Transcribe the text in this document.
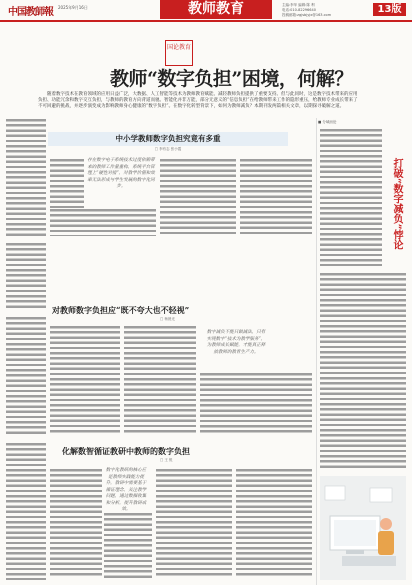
中国教師報 2025年9月16日	教师教育	主编:李苹 编辑:陈 利
电话:010-82296640
投稿邮箱:zgjsbjyjx@163.com	13版
国论教育
教师“数字负担”困境，何解？
随着数字技术在教育领域的应用日益广泛，大数据、人工智能等技术为教师教育赋能、减轻教师负担提供了重要支持。但与此同时，这是数字技术带来的应用负担、功能冗余和数字交互负担，与教师的教育方向背道而驰。智能化并非万能，部分无意义的“信息负担”在给教师带来工作的隐形重压，给教师专业成长带来了不可回避的挑战，并逐步演变成为影响教师身心健康的“数字负担”。在数字化转型背景下，如何为教师减负？本期刊发两篇相关文章，以期探寻破解之道。

中小学教师数字负担究竟有多重
□ 李有志 张小霞
存在数字电子系统技术过度依赖带来的教师工作量重构，系统平台管理上“硬性对接”，对教学价值和效率无法形成与学生发展的数字化同步。

对教师数字负担应“既不夸大也不轻视”
□ 杨晨光

数字减负不能只做减法，只有实现数字“技术为教学服务”，为教师成长赋能，才能真正释放教师的教育生产力。

化解数智循证教研中教师的数字负担
□ 王 锐

数字化教研的核心应是教师实践能力提升，教研中需要基于循证理念，关注教学问题，通过数据收集和分析，提升教研成效。

■ 分域而论

打破“数字减负”悖论
